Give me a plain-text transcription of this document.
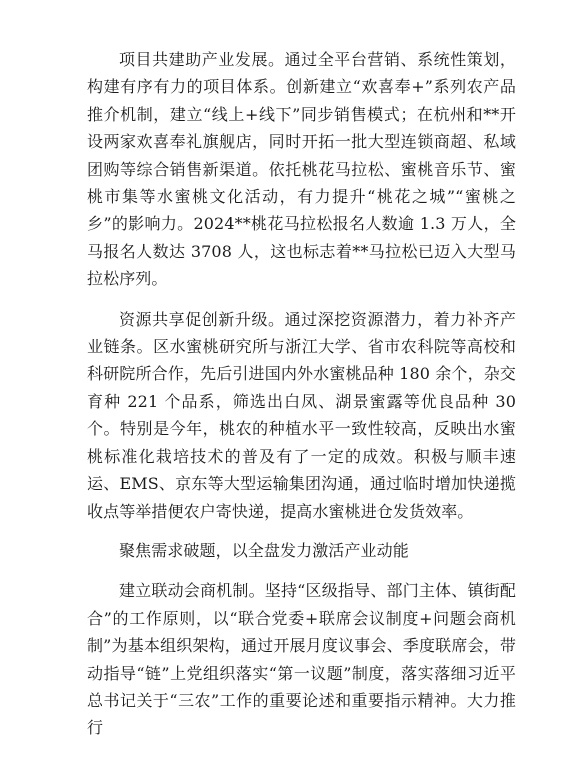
项目共建助产业发展。通过全平台营销、系统性策划，构建有序有力的项目体系。创新建立“欢喜奉+”系列农产品推介机制，建立“线上+线下”同步销售模式；在杭州和**开设两家欢喜奉礼旗舰店，同时开拓一批大型连锁商超、私域团购等综合销售新渠道。依托桃花马拉松、蜜桃音乐节、蜜桃市集等水蜜桃文化活动，有力提升“桃花之城”“蜜桃之乡”的影响力。2024**桃花马拉松报名人数逾 1.3 万人，全马报名人数达 3708 人，这也标志着**马拉松已迈入大型马拉松序列。

资源共享促创新升级。通过深挖资源潜力，着力补齐产业链条。区水蜜桃研究所与浙江大学、省市农科院等高校和科研院所合作，先后引进国内外水蜜桃品种 180 余个，杂交育种 221 个品系，筛选出白凤、湖景蜜露等优良品种 30 个。特别是今年，桃农的种植水平一致性较高，反映出水蜜桃标准化栽培技术的普及有了一定的成效。积极与顺丰速运、EMS、京东等大型运输集团沟通，通过临时增加快递揽收点等举措便农户寄快递，提高水蜜桃进仓发货效率。

聚焦需求破题，以全盘发力激活产业动能

建立联动会商机制。坚持“区级指导、部门主体、镇街配合”的工作原则，以“联合党委+联席会议制度+问题会商机制”为基本组织架构，通过开展月度议事会、季度联席会，带动指导“链”上党组织落实“第一议题”制度，落实落细习近平总书记关于“三农”工作的重要论述和重要指示精神。大力推行
